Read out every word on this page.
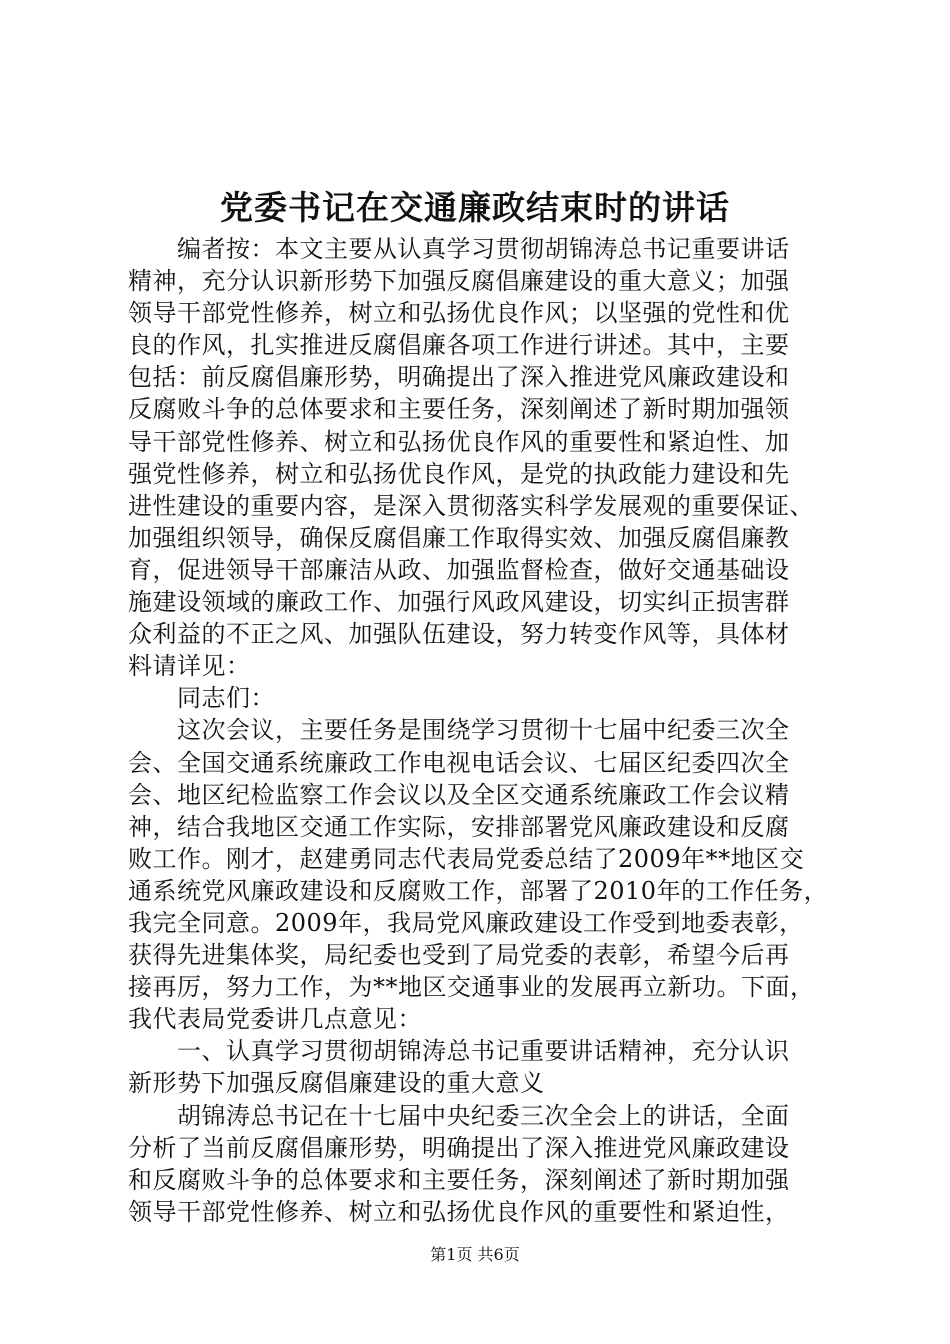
党委书记在交通廉政结束时的讲话
　　编者按：本文主要从认真学习贯彻胡锦涛总书记重要讲话
精神，充分认识新形势下加强反腐倡廉建设的重大意义；加强
领导干部党性修养，树立和弘扬优良作风；以坚强的党性和优
良的作风，扎实推进反腐倡廉各项工作进行讲述。其中，主要
包括：前反腐倡廉形势，明确提出了深入推进党风廉政建设和
反腐败斗争的总体要求和主要任务，深刻阐述了新时期加强领
导干部党性修养、树立和弘扬优良作风的重要性和紧迫性、加
强党性修养，树立和弘扬优良作风，是党的执政能力建设和先
进性建设的重要内容，是深入贯彻落实科学发展观的重要保证、
加强组织领导，确保反腐倡廉工作取得实效、加强反腐倡廉教
育，促进领导干部廉洁从政、加强监督检查，做好交通基础设
施建设领域的廉政工作、加强行风政风建设，切实纠正损害群
众利益的不正之风、加强队伍建设，努力转变作风等，具体材
料请详见：
　　同志们：
　　这次会议，主要任务是围绕学习贯彻十七届中纪委三次全
会、全国交通系统廉政工作电视电话会议、七届区纪委四次全
会、地区纪检监察工作会议以及全区交通系统廉政工作会议精
神，结合我地区交通工作实际，安排部署党风廉政建设和反腐
败工作。刚才，赵建勇同志代表局党委总结了2009年**地区交
通系统党风廉政建设和反腐败工作，部署了2010年的工作任务，
我完全同意。2009年，我局党风廉政建设工作受到地委表彰，
获得先进集体奖，局纪委也受到了局党委的表彰，希望今后再
接再厉，努力工作，为**地区交通事业的发展再立新功。下面，
我代表局党委讲几点意见：
　　一、认真学习贯彻胡锦涛总书记重要讲话精神，充分认识
新形势下加强反腐倡廉建设的重大意义
　　胡锦涛总书记在十七届中央纪委三次全会上的讲话，全面
分析了当前反腐倡廉形势，明确提出了深入推进党风廉政建设
和反腐败斗争的总体要求和主要任务，深刻阐述了新时期加强
领导干部党性修养、树立和弘扬优良作风的重要性和紧迫性，
第1页 共6页
